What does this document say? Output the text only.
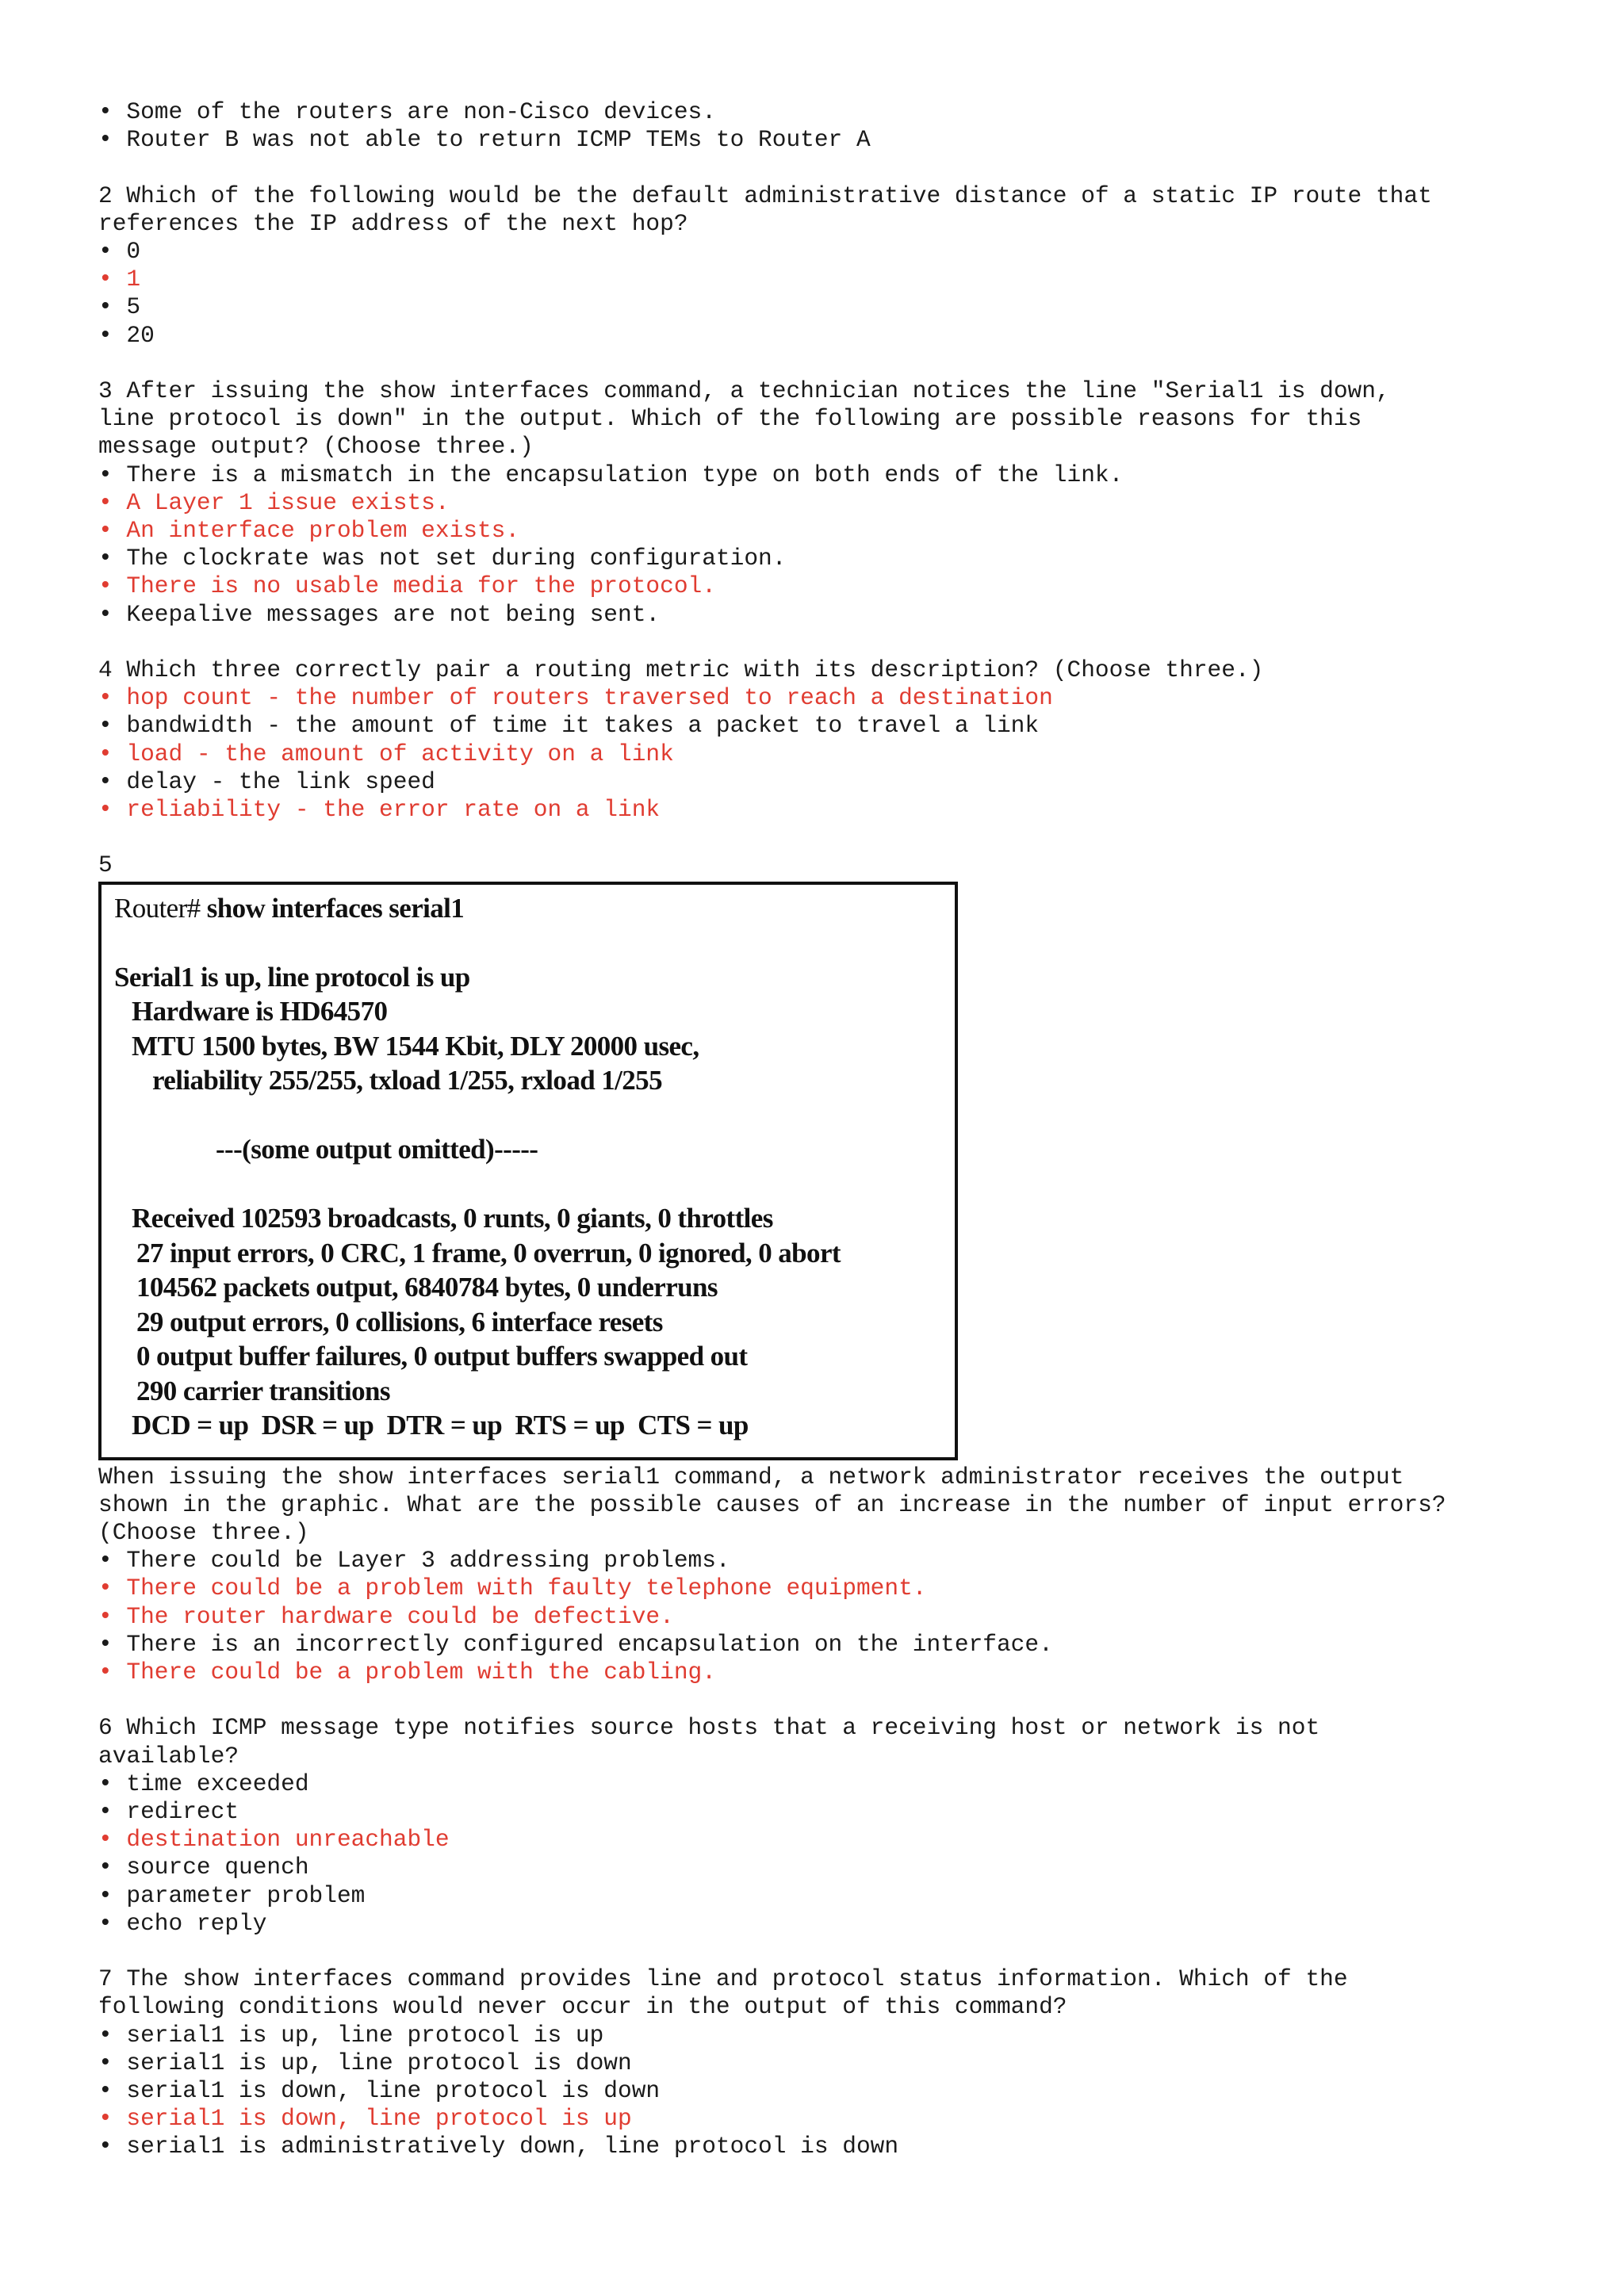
• Some of the routers are non-Cisco devices.

• Router B was not able to return ICMP TEMs to Router A

2 Which of the following would be the default administrative distance of a static IP route that

references the IP address of the next hop?

• 0

• 1

• 5

• 20

3 After issuing the show interfaces command, a technician notices the line "Serial1 is down,

line protocol is down" in the output. Which of the following are possible reasons for this

message output? (Choose three.)

• There is a mismatch in the encapsulation type on both ends of the link.

• A Layer 1 issue exists.

• An interface problem exists.

• The clockrate was not set during configuration.

• There is no usable media for the protocol.

• Keepalive messages are not being sent.

4 Which three correctly pair a routing metric with its description? (Choose three.)

• hop count - the number of routers traversed to reach a destination

• bandwidth - the amount of time it takes a packet to travel a link

• load - the amount of activity on a link

• delay - the link speed

• reliability - the error rate on a link

5

Router# show interfaces serial1

Serial1 is up, line protocol is up

Hardware is HD64570

MTU 1500 bytes, BW 1544 Kbit, DLY 20000 usec,

reliability 255/255, txload 1/255, rxload 1/255

---(some output omitted)-----

Received 102593 broadcasts, 0 runts, 0 giants, 0 throttles

27 input errors, 0 CRC, 1 frame, 0 overrun, 0 ignored, 0 abort

104562 packets output, 6840784 bytes, 0 underruns

29 output errors, 0 collisions, 6 interface resets

0 output buffer failures, 0 output buffers swapped out

290 carrier transitions

DCD = up  DSR = up  DTR = up  RTS = up  CTS = up

When issuing the show interfaces serial1 command, a network administrator receives the output

shown in the graphic. What are the possible causes of an increase in the number of input errors?

(Choose three.)

• There could be Layer 3 addressing problems.

• There could be a problem with faulty telephone equipment.

• The router hardware could be defective.

• There is an incorrectly configured encapsulation on the interface.

• There could be a problem with the cabling.

6 Which ICMP message type notifies source hosts that a receiving host or network is not

available?

• time exceeded

• redirect

• destination unreachable

• source quench

• parameter problem

• echo reply

7 The show interfaces command provides line and protocol status information. Which of the

following conditions would never occur in the output of this command?

• serial1 is up, line protocol is up

• serial1 is up, line protocol is down

• serial1 is down, line protocol is down

• serial1 is down, line protocol is up

• serial1 is administratively down, line protocol is down
